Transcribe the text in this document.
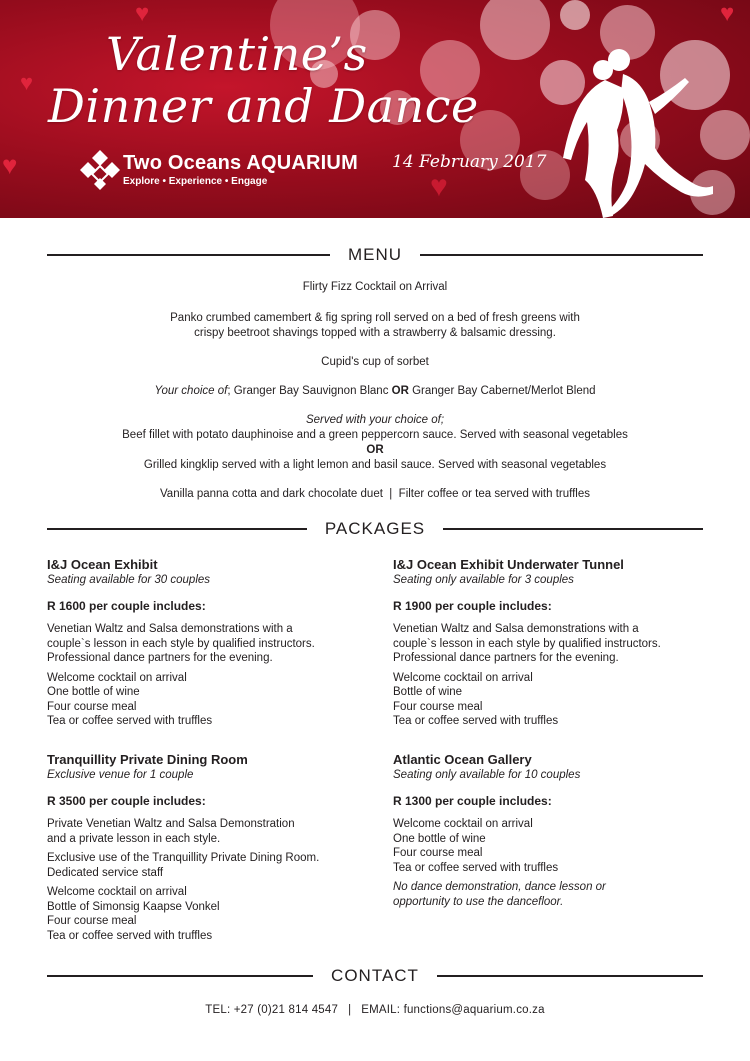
♥
♥
♥
♥
♥
Valentine’s
Dinner and Dance
Two Oceans AQUARIUM
Explore • Experience • Engage
14 February 2017
MENU

Flirty Fizz Cocktail on Arrival

Panko crumbed camembert & fig spring roll served on a bed of fresh greens with

crispy beetroot shavings topped with a strawberry & balsamic dressing.

Cupid's cup of sorbet

Your choice of; Granger Bay Sauvignon Blanc OR Granger Bay Cabernet/Merlot Blend

Served with your choice of;

Beef fillet with potato dauphinoise and a green peppercorn sauce. Served with seasonal vegetables

OR

Grilled kingklip served with a light lemon and basil sauce. Served with seasonal vegetables

Vanilla panna cotta and dark chocolate duet  |  Filter coffee or tea served with truffles

PACKAGES
I&J Ocean Exhibit
Seating available for 30 couples
R 1600 per couple includes:
Venetian Waltz and Salsa demonstrations with a
couple`s lesson in each style by qualified instructors.
Professional dance partners for the evening.
Welcome cocktail on arrival
One bottle of wine
Four course meal
Tea or coffee served with truffles
I&J Ocean Exhibit Underwater Tunnel
Seating only available for 3 couples
R 1900 per couple includes:
Venetian Waltz and Salsa demonstrations with a
couple`s lesson in each style by qualified instructors.
Professional dance partners for the evening.
Welcome cocktail on arrival
Bottle of wine
Four course meal
Tea or coffee served with truffles
Tranquillity Private Dining Room
Exclusive venue for 1 couple
R 3500 per couple includes:
Private Venetian Waltz and Salsa Demonstration
and a private lesson in each style.
Exclusive use of the Tranquillity Private Dining Room.
Dedicated service staff
Welcome cocktail on arrival
Bottle of Simonsig Kaapse Vonkel
Four course meal
Tea or coffee served with truffles
Atlantic Ocean Gallery
Seating only available for 10 couples
R 1300 per couple includes:
Welcome cocktail on arrival
One bottle of wine
Four course meal
Tea or coffee served with truffles
No dance demonstration, dance lesson or
opportunity to use the dancefloor.
CONTACT
TEL: +27 (0)21 814 4547 | EMAIL: functions@aquarium.co.za
